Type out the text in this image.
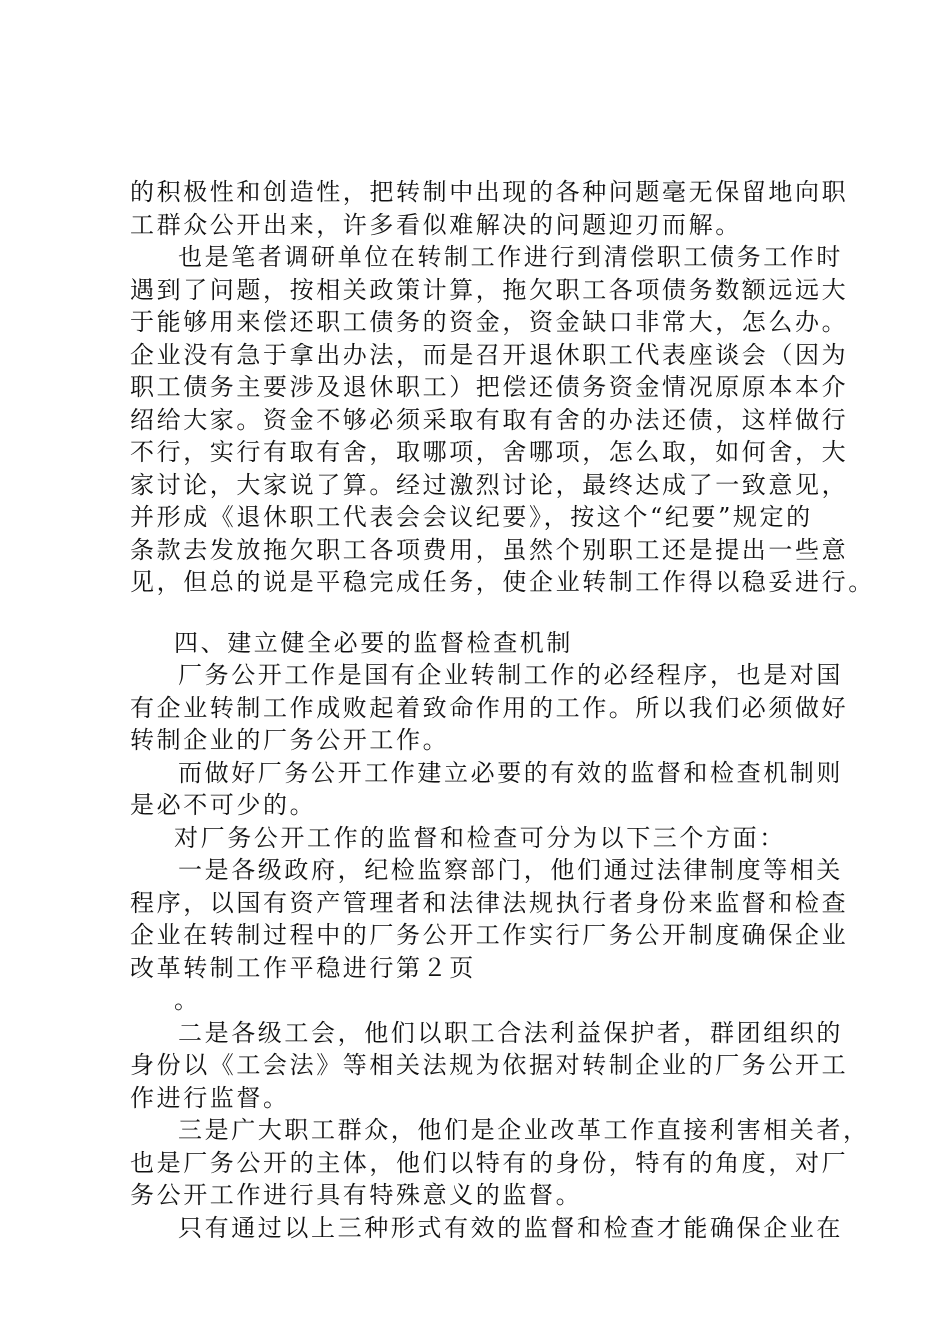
的积极性和创造性，把转制中出现的各种问题毫无保留地向职
工群众公开出来，许多看似难解决的问题迎刃而解。
也是笔者调研单位在转制工作进行到清偿职工债务工作时
遇到了问题，按相关政策计算，拖欠职工各项债务数额远远大
于能够用来偿还职工债务的资金，资金缺口非常大，怎么办。
企业没有急于拿出办法，而是召开退休职工代表座谈会（因为
职工债务主要涉及退休职工）把偿还债务资金情况原原本本介
绍给大家。资金不够必须采取有取有舍的办法还债，这样做行
不行，实行有取有舍，取哪项，舍哪项，怎么取，如何舍，大
家讨论，大家说了算。经过激烈讨论，最终达成了一致意见，
并形成《退休职工代表会会议纪要》，按这个“纪要”规定的
条款去发放拖欠职工各项费用，虽然个别职工还是提出一些意
见，但总的说是平稳完成任务，使企业转制工作得以稳妥进行。
四、建立健全必要的监督检查机制
厂务公开工作是国有企业转制工作的必经程序，也是对国
有企业转制工作成败起着致命作用的工作。所以我们必须做好
转制企业的厂务公开工作。
而做好厂务公开工作建立必要的有效的监督和检查机制则
是必不可少的。
对厂务公开工作的监督和检查可分为以下三个方面：
一是各级政府，纪检监察部门，他们通过法律制度等相关
程序，以国有资产管理者和法律法规执行者身份来监督和检查
企业在转制过程中的厂务公开工作实行厂务公开制度确保企业
改革转制工作平稳进行第２页
。
二是各级工会，他们以职工合法利益保护者，群团组织的
身份以《工会法》等相关法规为依据对转制企业的厂务公开工
作进行监督。
三是广大职工群众，他们是企业改革工作直接利害相关者，
也是厂务公开的主体，他们以特有的身份，特有的角度，对厂
务公开工作进行具有特殊意义的监督。
只有通过以上三种形式有效的监督和检查才能确保企业在
